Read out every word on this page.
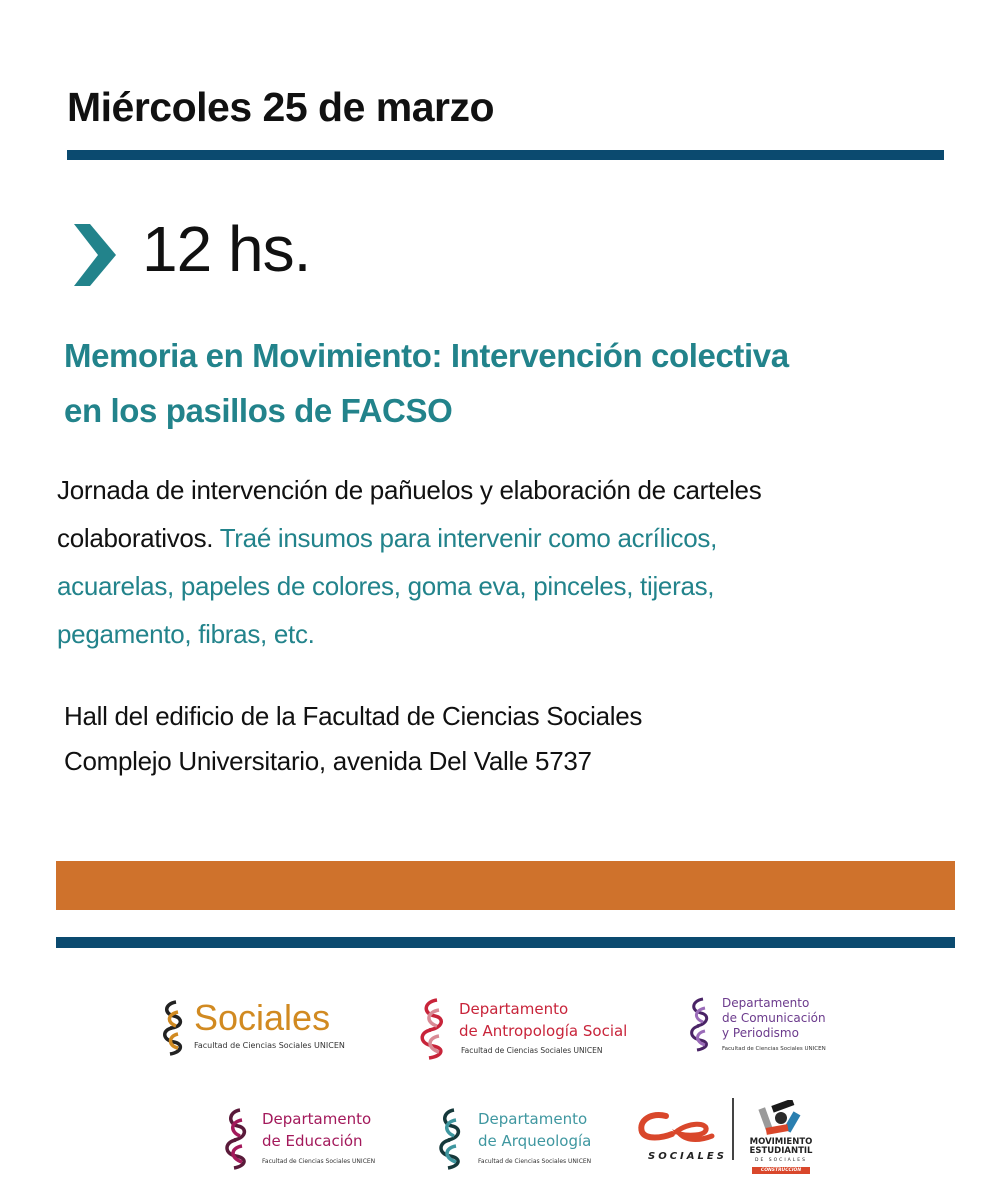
Miércoles 25 de marzo
12 hs.
Memoria en Movimiento: Intervención colectiva
en los pasillos de FACSO
Jornada de intervención de pañuelos y elaboración de carteles
colaborativos. Traé insumos para intervenir como acrílicos,
acuarelas, papeles de colores, goma eva, pinceles, tijeras,
pegamento, fibras, etc.
Hall del edificio de la Facultad de Ciencias Sociales
Complejo Universitario, avenida Del Valle 5737
Sociales
Facultad de Ciencias Sociales UNICEN
Departamento
de Antropología Social
Facultad de Ciencias Sociales UNICEN
Departamento
de Comunicación
y Periodismo
Facultad de Ciencias Sociales UNICEN
Departamento
de Educación
Facultad de Ciencias Sociales UNICEN
Departamento
de Arqueología
Facultad de Ciencias Sociales UNICEN	SOCIALES
MOVIMIENTO
ESTUDIANTIL
DE SOCIALES
CONSTRUCCIÓN
